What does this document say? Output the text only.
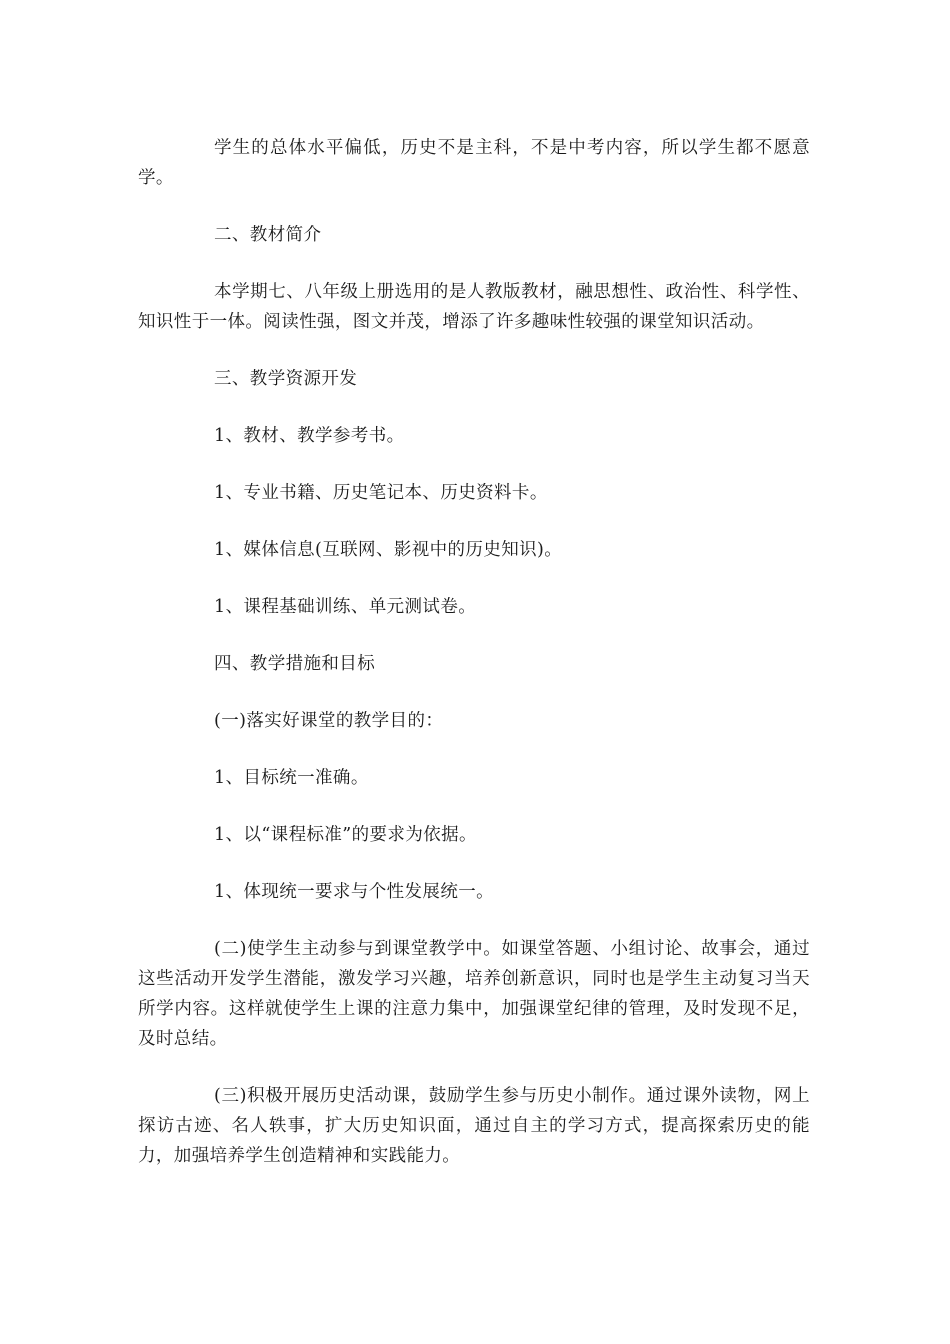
学生的总体水平偏低，历史不是主科，不是中考内容，所以学生都不愿意学。

二、教材简介

本学期七、八年级上册选用的是人教版教材，融思想性、政治性、科学性、知识性于一体。阅读性强，图文并茂，增添了许多趣味性较强的课堂知识活动。

三、教学资源开发

1、教材、教学参考书。

1、专业书籍、历史笔记本、历史资料卡。

1、媒体信息(互联网、影视中的历史知识)。

1、课程基础训练、单元测试卷。

四、教学措施和目标

(一)落实好课堂的教学目的：

1、目标统一准确。

1、以“课程标准”的要求为依据。

1、体现统一要求与个性发展统一。

(二)使学生主动参与到课堂教学中。如课堂答题、小组讨论、故事会，通过这些活动开发学生潜能，激发学习兴趣，培养创新意识，同时也是学生主动复习当天所学内容。这样就使学生上课的注意力集中，加强课堂纪律的管理，及时发现不足，及时总结。

(三)积极开展历史活动课，鼓励学生参与历史小制作。通过课外读物，网上探访古迹、名人轶事，扩大历史知识面，通过自主的学习方式，提高探索历史的能力，加强培养学生创造精神和实践能力。
